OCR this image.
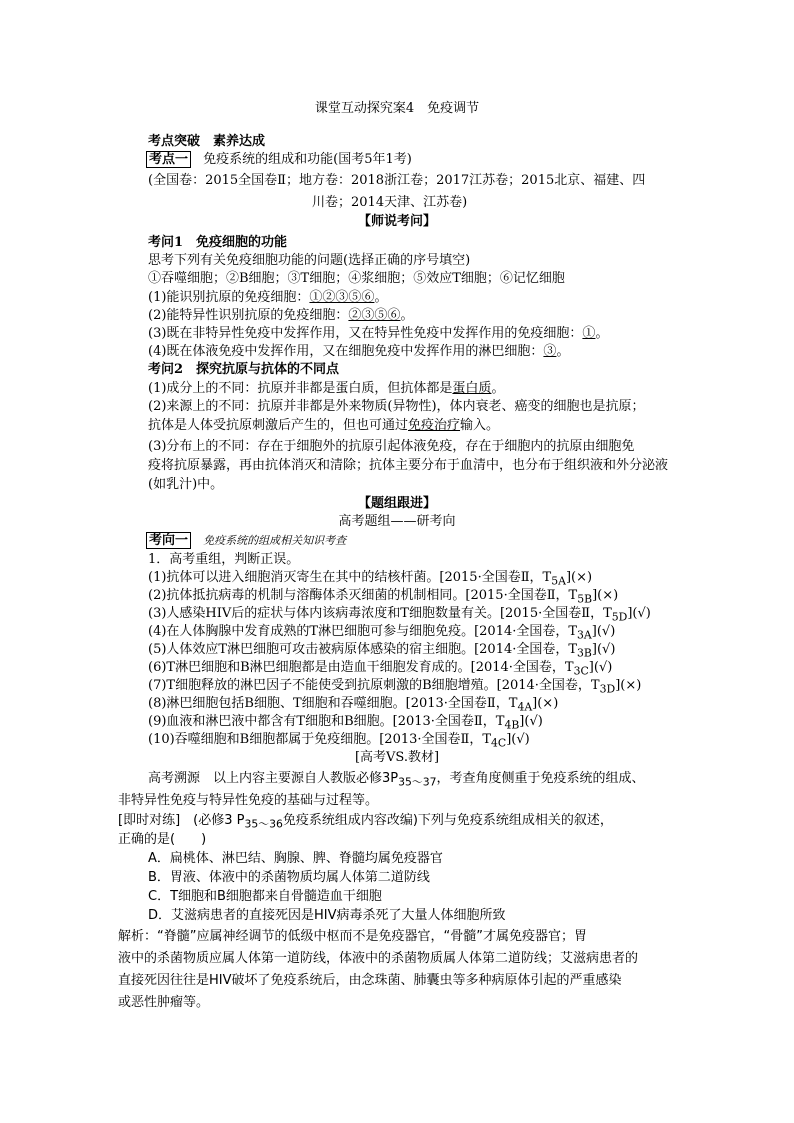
课堂互动探究案4　免疫调节
考点突破　素养达成
考点一 免疫系统的组成和功能(国考5年1考)
(全国卷：2015全国卷Ⅱ；地方卷：2018浙江卷；2017江苏卷；2015北京、福建、四
川卷；2014天津、江苏卷)
【师说考问】
考问1　免疫细胞的功能
思考下列有关免疫细胞功能的问题(选择正确的序号填空)
①吞噬细胞；②B细胞；③T细胞；④浆细胞；⑤效应T细胞；⑥记忆细胞
(1)能识别抗原的免疫细胞：①②③⑤⑥。
(2)能特异性识别抗原的免疫细胞：②③⑤⑥。
(3)既在非特异性免疫中发挥作用，又在特异性免疫中发挥作用的免疫细胞：①。
(4)既在体液免疫中发挥作用，又在细胞免疫中发挥作用的淋巴细胞：③。
考问2　探究抗原与抗体的不同点
(1)成分上的不同：抗原并非都是蛋白质，但抗体都是蛋白质。
(2)来源上的不同：抗原并非都是外来物质(异物性)，体内衰老、癌变的细胞也是抗原；
抗体是人体受抗原刺激后产生的，但也可通过免疫治疗输入。
(3)分布上的不同：存在于细胞外的抗原引起体液免疫，存在于细胞内的抗原由细胞免
疫将抗原暴露，再由抗体消灭和清除；抗体主要分布于血清中，也分布于组织液和外分泌液
(如乳汁)中。
【题组跟进】
高考题组——研考向
考向一 免疫系统的组成相关知识考查
1．高考重组，判断正误。
(1)抗体可以进入细胞消灭寄生在其中的结核杆菌。[2015·全国卷Ⅱ，$T_{5A}](\times)$
(2)抗体抵抗病毒的机制与溶酶体杀灭细菌的机制相同。[2015·全国卷Ⅱ，$T_{5B}](\times)$
(3)人感染HIV后的症状与体内该病毒浓度和T细胞数量有关。[2015·全国卷Ⅱ，$T_{5D}](√)$
(4)在人体胸腺中发育成熟的T淋巴细胞可参与细胞免疫。[2014·全国卷，$T_{3A}](√)$
(5)人体效应T淋巴细胞可攻击被病原体感染的宿主细胞。[2014·全国卷，$T_{3B}](√)$
(6)T淋巴细胞和B淋巴细胞都是由造血干细胞发育成的。[2014·全国卷，$T_{3C}](√)$
(7)T细胞释放的淋巴因子不能使受到抗原刺激的B细胞增殖。[2014·全国卷，$T_{3D}](\times)$
(8)淋巴细胞包括B细胞、T细胞和吞噬细胞。[2013·全国卷Ⅱ，$T_{4A}](\times)$
(9)血液和淋巴液中都含有T细胞和B细胞。[2013·全国卷Ⅱ，$T_{4B}](√)$
(10)吞噬细胞和B细胞都属于免疫细胞。[2013·全国卷Ⅱ，$T_{4C}](√)$
[高考VS.教材]
高考溯源　以上内容主要源自人教版必修$3P_{35\sim 37}$，考查角度侧重于免疫系统的组成、
非特异性免疫与特异性免疫的基础与过程等。
[即时对练]　(必修3 $P_{35\sim 36}$免疫系统组成内容改编)下列与免疫系统组成相关的叙述，
正确的是(　　)
A．扁桃体、淋巴结、胸腺、脾、脊髓均属免疫器官
B．胃液、体液中的杀菌物质均属人体第二道防线
C．T细胞和B细胞都来自骨髓造血干细胞
D．艾滋病患者的直接死因是HIV病毒杀死了大量人体细胞所致
解析：“脊髓”应属神经调节的低级中枢而不是免疫器官，“骨髓”才属免疫器官；胃
液中的杀菌物质应属人体第一道防线，体液中的杀菌物质属人体第二道防线；艾滋病患者的
直接死因往往是HIV破坏了免疫系统后，由念珠菌、肺囊虫等多种病原体引起的严重感染
或恶性肿瘤等。
